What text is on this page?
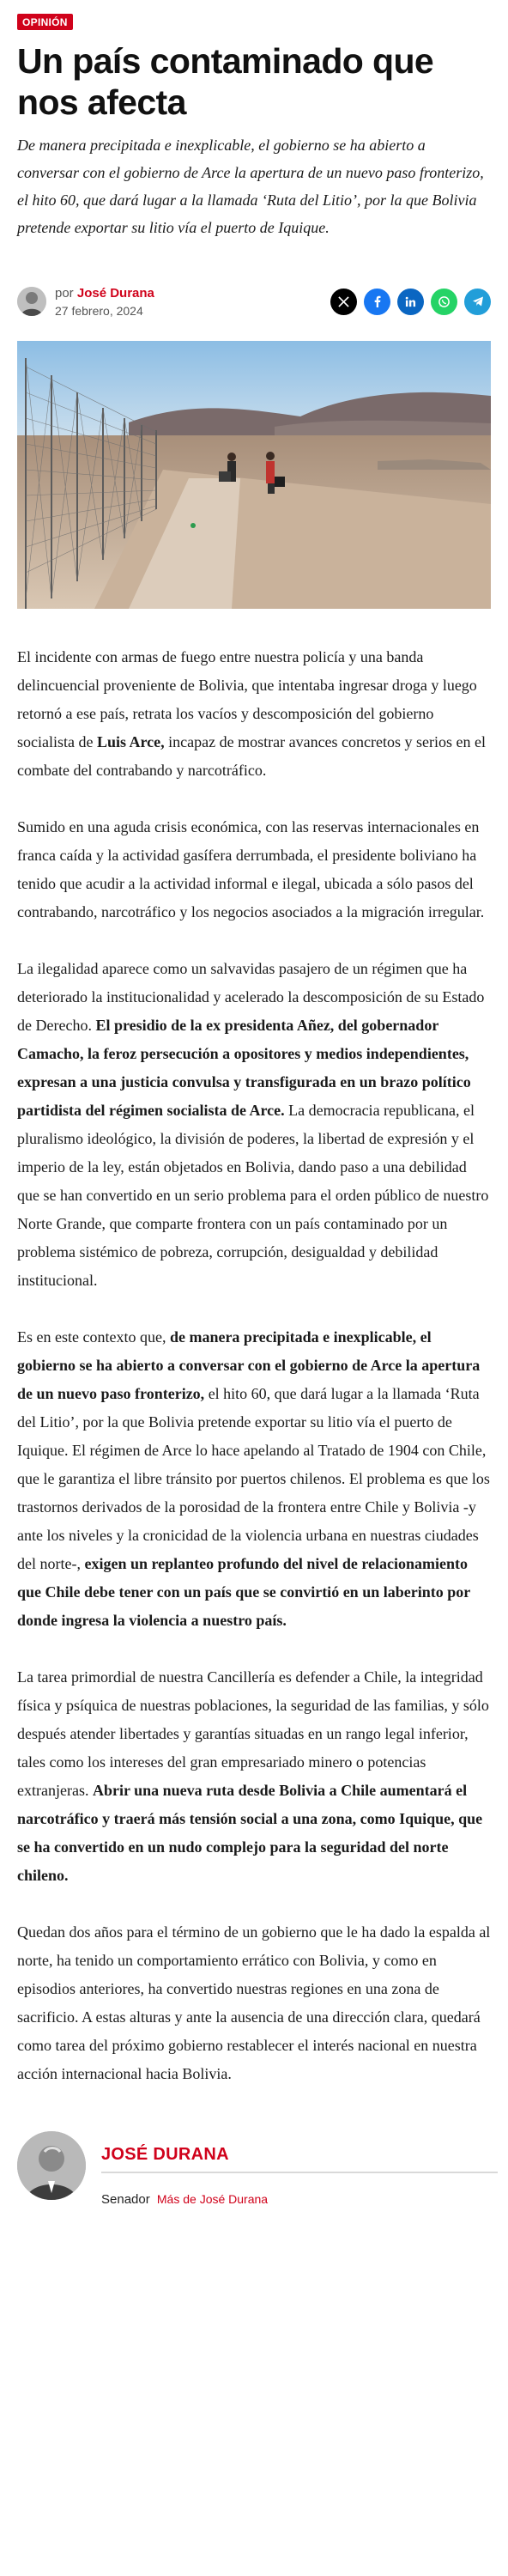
OPINIÓN
Un país contaminado que nos afecta

De manera precipitada e inexplicable, el gobierno se ha abierto a conversar con el gobierno de Arce la apertura de un nuevo paso fronterizo, el hito 60, que dará lugar a la llamada ‘Ruta del Litio’, por la que Bolivia pretende exportar su litio vía el puerto de Iquique.

por José Durana
27 febrero, 2024

El incidente con armas de fuego entre nuestra policía y una banda delincuencial proveniente de Bolivia, que intentaba ingresar droga y luego retornó a ese país, retrata los vacíos y descomposición del gobierno socialista de Luis Arce, incapaz de mostrar avances concretos y serios en el combate del contrabando y narcotráfico.

Sumido en una aguda crisis económica, con las reservas internacionales en franca caída y la actividad gasífera derrumbada, el presidente boliviano ha tenido que acudir a la actividad informal e ilegal, ubicada a sólo pasos del contrabando, narcotráfico y los negocios asociados a la migración irregular.

La ilegalidad aparece como un salvavidas pasajero de un régimen que ha deteriorado la institucionalidad y acelerado la descomposición de su Estado de Derecho. El presidio de la ex presidenta Añez, del gobernador Camacho, la feroz persecución a opositores y medios independientes, expresan a una justicia convulsa y transfigurada en un brazo político partidista del régimen socialista de Arce. La democracia republicana, el pluralismo ideológico, la división de poderes, la libertad de expresión y el imperio de la ley, están objetados en Bolivia, dando paso a una debilidad que se han convertido en un serio problema para el orden público de nuestro Norte Grande, que comparte frontera con un país contaminado por un problema sistémico de pobreza, corrupción, desigualdad y debilidad institucional.

Es en este contexto que, de manera precipitada e inexplicable, el gobierno se ha abierto a conversar con el gobierno de Arce la apertura de un nuevo paso fronterizo, el hito 60, que dará lugar a la llamada ‘Ruta del Litio’, por la que Bolivia pretende exportar su litio vía el puerto de Iquique. El régimen de Arce lo hace apelando al Tratado de 1904 con Chile, que le garantiza el libre tránsito por puertos chilenos. El problema es que los trastornos derivados de la porosidad de la frontera entre Chile y Bolivia -y ante los niveles y la cronicidad de la violencia urbana en nuestras ciudades del norte-, exigen un replanteo profundo del nivel de relacionamiento que Chile debe tener con un país que se convirtió en un laberinto por donde ingresa la violencia a nuestro país.

La tarea primordial de nuestra Cancillería es defender a Chile, la integridad física y psíquica de nuestras poblaciones, la seguridad de las familias, y sólo después atender libertades y garantías situadas en un rango legal inferior, tales como los intereses del gran empresariado minero o potencias extranjeras. Abrir una nueva ruta desde Bolivia a Chile aumentará el narcotráfico y traerá más tensión social a una zona, como Iquique, que se ha convertido en un nudo complejo para la seguridad del norte chileno.

Quedan dos años para el término de un gobierno que le ha dado la espalda al norte, ha tenido un comportamiento errático con Bolivia, y como en episodios anteriores, ha convertido nuestras regiones en una zona de sacrificio. A estas alturas y ante la ausencia de una dirección clara, quedará como tarea del próximo gobierno restablecer el interés nacional en nuestra acción internacional hacia Bolivia.

JOSÉ DURANA
Senador Más de José Durana
